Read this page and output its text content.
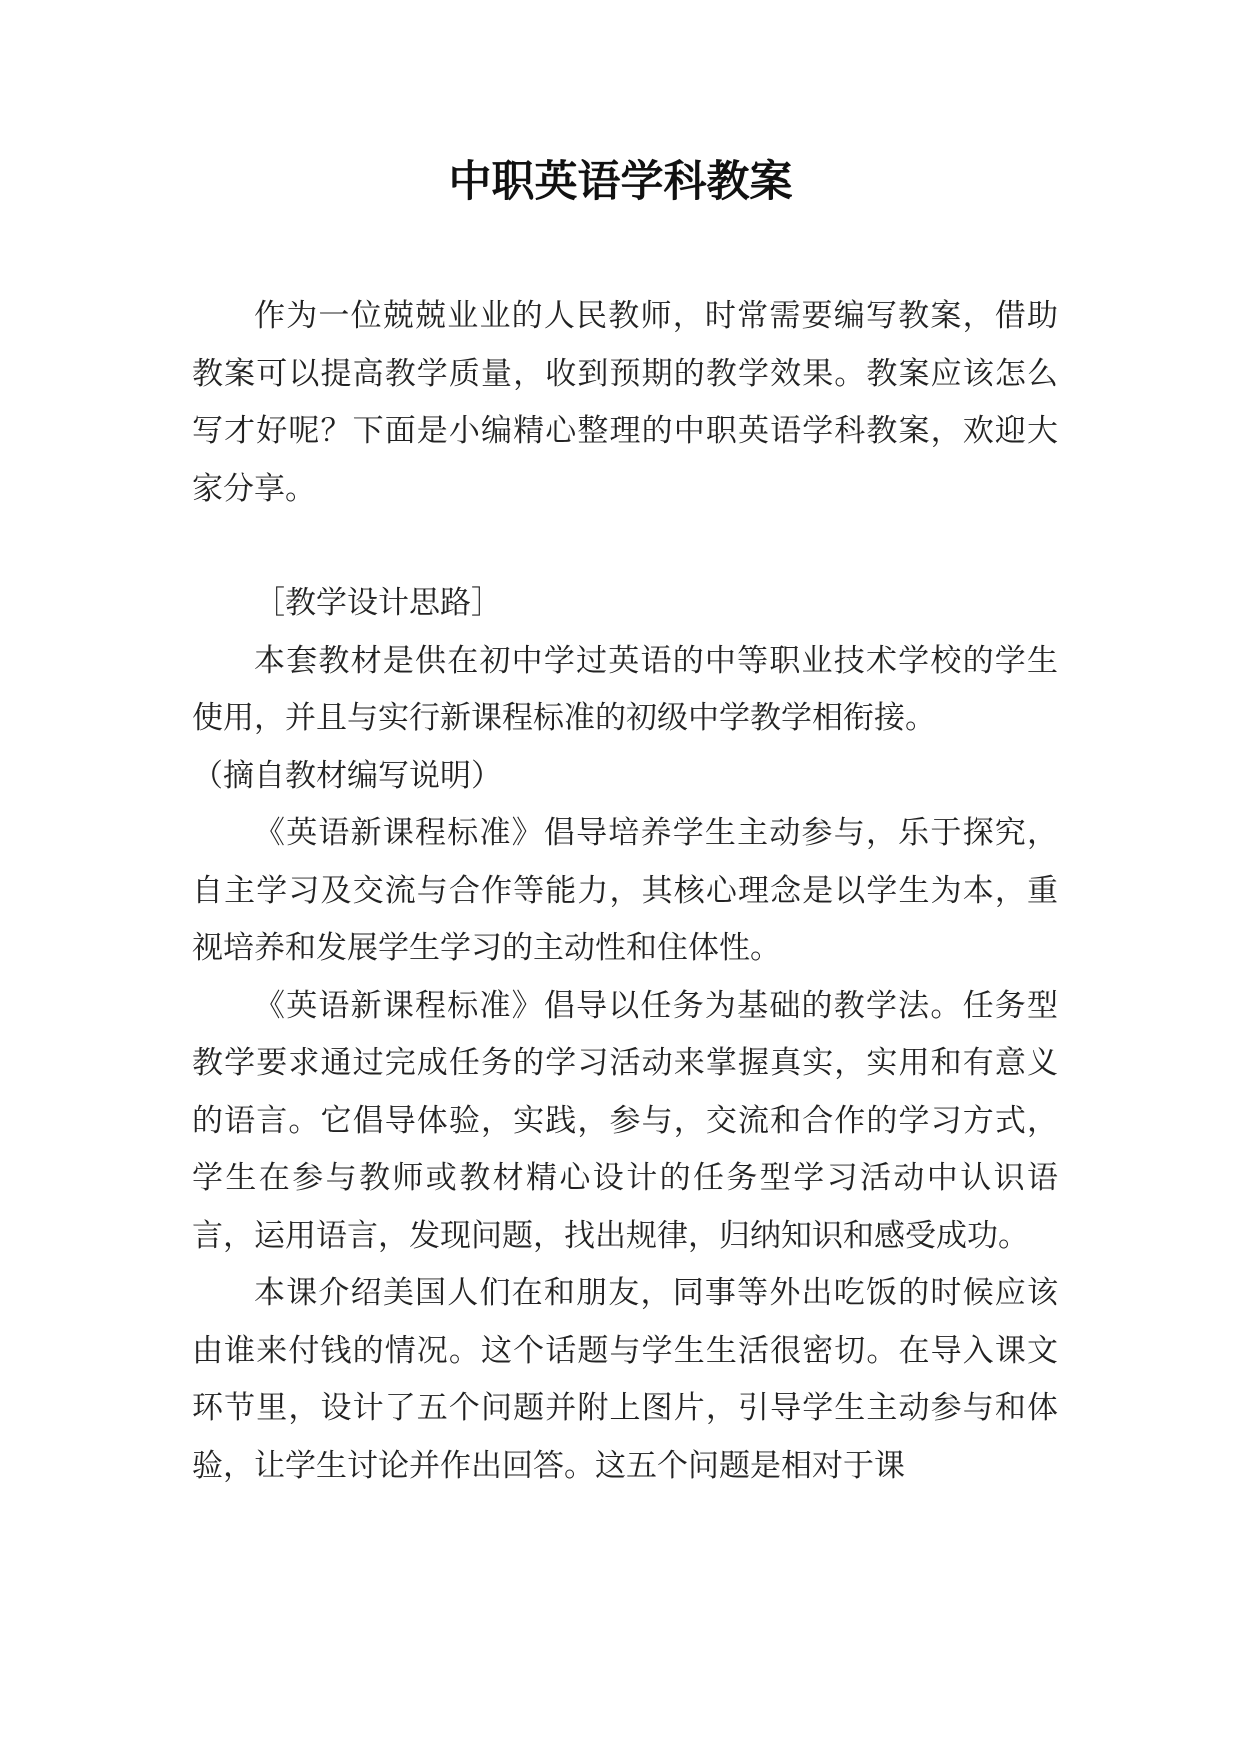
中职英语学科教案

作为一位兢兢业业的人民教师，时常需要编写教案，借助教案可以提高教学质量，收到预期的教学效果。教案应该怎么写才好呢？下面是小编精心整理的中职英语学科教案，欢迎大家分享。

［教学设计思路］

本套教材是供在初中学过英语的中等职业技术学校的学生使用，并且与实行新课程标准的初级中学教学相衔接。

（摘自教材编写说明）

《英语新课程标准》倡导培养学生主动参与，乐于探究，自主学习及交流与合作等能力，其核心理念是以学生为本，重视培养和发展学生学习的主动性和住体性。

《英语新课程标准》倡导以任务为基础的教学法。任务型教学要求通过完成任务的学习活动来掌握真实，实用和有意义的语言。它倡导体验，实践，参与，交流和合作的学习方式，学生在参与教师或教材精心设计的任务型学习活动中认识语言，运用语言，发现问题，找出规律，归纳知识和感受成功。

本课介绍美国人们在和朋友，同事等外出吃饭的时候应该由谁来付钱的情况。这个话题与学生生活很密切。在导入课文环节里，设计了五个问题并附上图片，引导学生主动参与和体验，让学生讨论并作出回答。这五个问题是相对于课
